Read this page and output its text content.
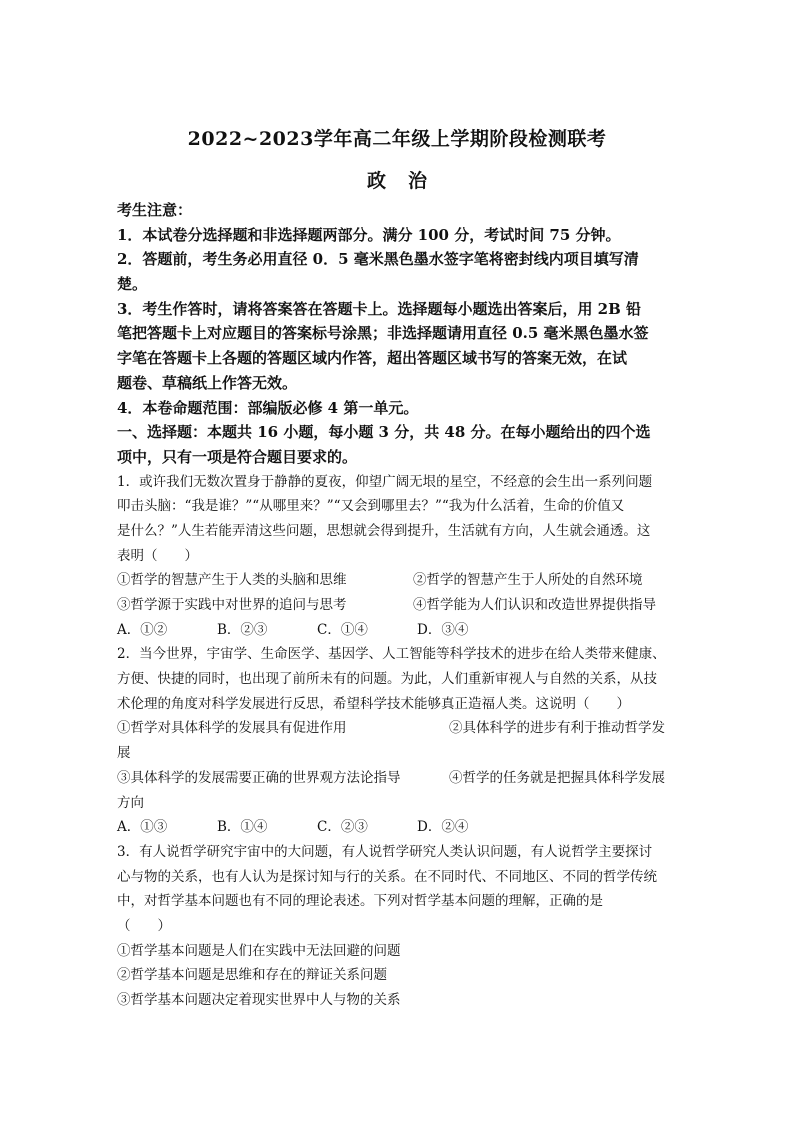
2022~2023学年高二年级上学期阶段检测联考
政治
考生注意：
1．本试卷分选择题和非选择题两部分。满分 100 分，考试时间 75 分钟。
2．答题前，考生务必用直径 0．5 毫米黑色墨水签字笔将密封线内项目填写清
楚。
3．考生作答时，请将答案答在答题卡上。选择题每小题选出答案后，用 2B 铅
笔把答题卡上对应题目的答案标号涂黑；非选择题请用直径 0.5 毫米黑色墨水签
字笔在答题卡上各题的答题区域内作答，超出答题区域书写的答案无效，在试
题卷、草稿纸上作答无效。
4．本卷命题范围：部编版必修 4 第一单元。
一、选择题：本题共 16 小题，每小题 3 分，共 48 分。在每小题给出的四个选
项中，只有一项是符合题目要求的。
1．或许我们无数次置身于静静的夏夜，仰望广阔无垠的星空，不经意的会生出一系列问题
叩击头脑：“我是谁？”“从哪里来？”“又会到哪里去？”“我为什么活着，生命的价值又
是什么？”人生若能弄清这些问题，思想就会得到提升，生活就有方向，人生就会通透。这
表明（　　）
①哲学的智慧产生于人类的头脑和思维	②哲学的智慧产生于人所处的自然环境
③哲学源于实践中对世界的追问与思考	④哲学能为人们认识和改造世界提供指导
A．①②	B．②③	C．①④	D．③④
2．当今世界，宇宙学、生命医学、基因学、人工智能等科学技术的进步在给人类带来健康、
方便、快捷的同时，也出现了前所未有的问题。为此，人们重新审视人与自然的关系，从技
术伦理的角度对科学发展进行反思，希望科学技术能够真正造福人类。这说明（　　）
①哲学对具体科学的发展具有促进作用	②具体科学的进步有利于推动哲学发
展
③具体科学的发展需要正确的世界观方法论指导	④哲学的任务就是把握具体科学发展
方向
A．①③	B．①④	C．②③	D．②④
3．有人说哲学研究宇宙中的大问题，有人说哲学研究人类认识问题，有人说哲学主要探讨
心与物的关系，也有人认为是探讨知与行的关系。在不同时代、不同地区、不同的哲学传统
中，对哲学基本问题也有不同的理论表述。下列对哲学基本问题的理解，正确的是
（　　）
①哲学基本问题是人们在实践中无法回避的问题
②哲学基本问题是思维和存在的辩证关系问题
③哲学基本问题决定着现实世界中人与物的关系
